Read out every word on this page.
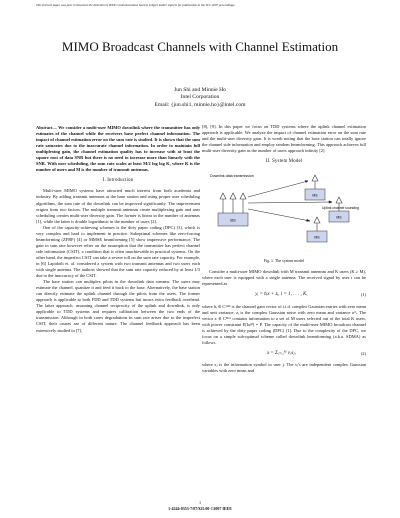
This full text paper was peer reviewed at the direction of IEEE Communications Society subject matter experts for publication in the ICC 2007 proceedings.
MIMO Broadcast Channels with Channel Estimation
Jun Shi and Minnie Ho
Intel Corporation
Email: {jun.shi1, minnie.ho}@intel.com

Abstract— We consider a multi-user MIMO downlink where the transmitter has only estimates of the channel while the receivers have perfect channel information. The impact of channel estimation error on the sum rate is studied. It is shown that the sum rate saturates due to the inaccurate channel information. In order to maintain full multiplexing gain, the channel estimation quality has to increase with at least the square root of data SNR but there is no need to increase more than linearly with the SNR. With user scheduling, the sum rate scales at least M/2 log log K, where K is the number of users and M is the number of transmit antennas.

I. Introduction

Multi-user MIMO systems have attracted much interest from both academia and industry. By adding transmit antennas at the base station and using proper user scheduling algorithms, the sum rate of the downlink can be improved significantly. The improvement origins from two factors. The multiple transmit antennas create multiplexing gain and user scheduling creates multi-user diversity gain. The former is linear in the number of antennas [1], while the latter is double logarithmic in the number of users [2].

One of the capacity-achieving schemes is the dirty paper coding (DPC) [3], which is very complex and hard to implement in practice. Suboptimal schemes like zero-forcing beamforming (ZFBF) [4] or MMSE beamforming [5] show impressive performance. The gain in sum rate however relies on the assumption that the transmitter has perfect channel side information (CSIT), a condition that is often unachievable in practical systems. On the other hand, the imperfect CSIT can take a severe toll on the sum rate capacity. For example, in [6] Lapidoth et. al. considered a system with two transmit antennas and two users each with single antenna. The authors showed that the sum rate capacity reduced by at least 1/3 due to the inaccuracy of the CSIT.

The base station can multiplex pilots in the downlink data streams. The users may estimate the channel, quantize it and feed it back to the base. Alternatively, the base station can directly estimate the uplink channel through the pilots from the users. The former approach is applicable to both FDD and TDD systems but incurs extra feedback overhead. The latter approach, assuming channel reciprocity of the uplink and downlink, is only applicable to TDD systems and requires calibration between the two ends of the transmission. Although in both cases degradations in sum rate arises due to the imperfect CSIT, their causes are of different nature. The channel feedback approach has been extensively studied in [7],

[8], [9]. In this paper we focus on TDD systems where the uplink channel estimation approach is applicable. We analyze the impact of channel estimation error on the sum rate and the multi-user diversity gain. It is worth noting that the base station can totally ignore the channel side information and employ random beamforming. This approach achieves full multi-user diversity gain as the number of users approach infinity [2].

II. System Model
BS
MS
MS
MS
Downlink data transmission
Uplink channel sounding
Fig. 1. The system model

Consider a multi-user MIMO downlink with M transmit antennas and K users (K ≥ M), where each user is equipped with a single antenna. The received signal by user i can be represented as

yᵢ = hᵢx + zᵢ, i = 1, . . . , K,	(1)

where hᵢ ∈ C¹ˣᴹ is the channel gain vector of i.i.d. complex Gaussian entries with zero mean and unit variance, zᵢ is the complex Gaussian noise with zero mean and variance σ²ᵢ. The vector x ∈ Cᴹˣ¹ contains information to a set of M users selected out of the total K users, with power constraint E[‖x‖²] = P. The capacity of the multi-user MIMO broadcast channel is achieved by the dirty paper coding (DPC) [1]. Due to the complexity of the DPC, we focus on a simple sub-optimal scheme called downlink beamforming (a.k.a. SDMA) as follows.

x = Σⱼ₌₁ᴹ vⱼsⱼ,	(2)

where sⱼ is the information symbol to user j. The sⱼ's are independent complex Gaussian variables with zero mean and

1
1-4244-0353-7/07/$25.00 ©2007 IEEE
